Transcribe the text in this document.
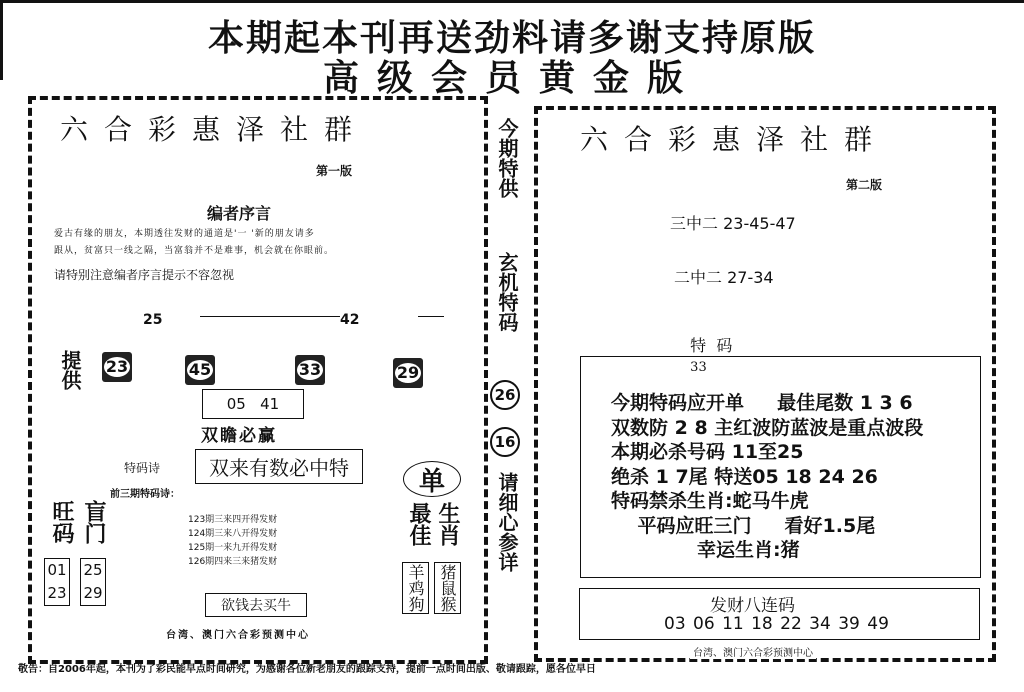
本期起本刊再送劲料请多谢支持原版
高级会员黄金版
六合彩惠泽社群
第一版
编者序言
爱古有缘的朋友，本期透往发财的通道是'一 '新的朋友请多
跟从，贫富只一线之隔，当富翁并不是难事，机会就在你眼前。
请特别注意编者序言提示不容忽视
25	42
提供 23	45	33	29
05   41
双瞻必赢
特码诗	双来有数必中特
前三期特码诗：
123期三来四开得发财
124期三来八开得发财
125期一来九开得发财
126期四来三来猪发财
旺码 盲门
01
23
25
29
欲钱去买牛
台湾、澳门六合彩预测中心
单
最佳 生肖
羊鸡狗 猪鼠猴
今期特供
玄机特码
26
16
请细心参详
六合彩惠泽社群
第二版
三中二 23-45-47
二中二 27-34

特  码
33

今期特码应开单     最佳尾数 1 3 6
双数防 2 8 主红波防蓝波是重点波段
本期必杀号码 11至25
绝杀 1 7尾 特送05 18 24 26
特码禁杀生肖:蛇马牛虎
平码应旺三门     看好1.5尾
幸运生肖:猪
发财八连码
03 06 11 18 22 34 39 49
台湾、澳门六合彩预测中心
敬告：自2006年起，本刊为了彩民能早点时间研究，为感谢各位新老朋友的跟踪支持，提前一点时间出版、敬请跟踪，愿各位早日
